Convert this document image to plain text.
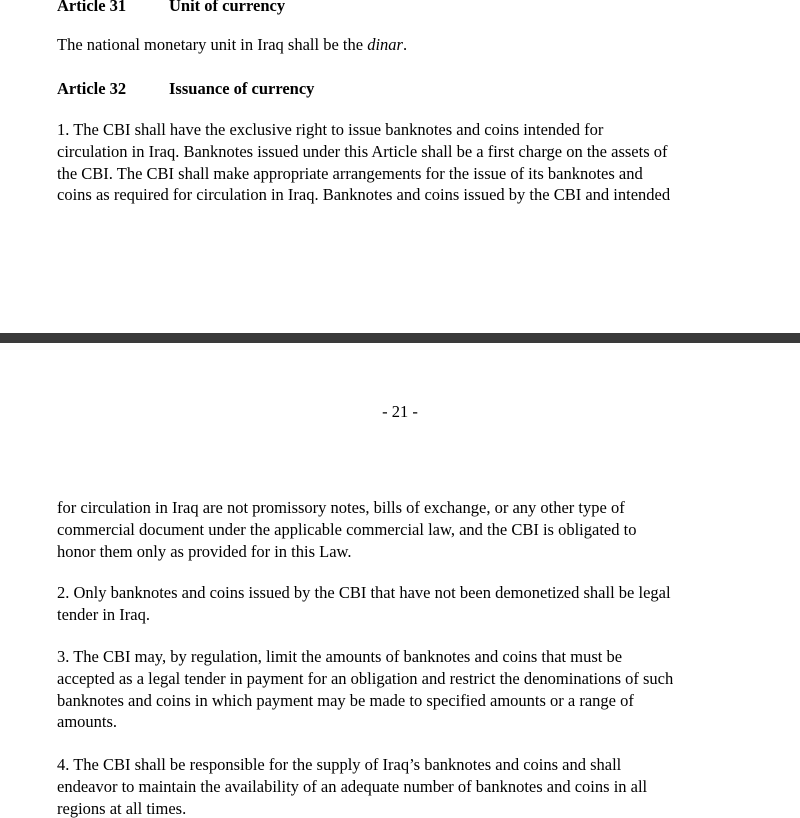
Article 31	Unit of currency

The national monetary unit in Iraq shall be the dinar.

Article 32	Issuance of currency

1. The CBI shall have the exclusive right to issue banknotes and coins intended for
circulation in Iraq. Banknotes issued under this Article shall be a first charge on the assets of
the CBI. The CBI shall make appropriate arrangements for the issue of its banknotes and
coins as required for circulation in Iraq. Banknotes and coins issued by the CBI and intended

- 21 -

for circulation in Iraq are not promissory notes, bills of exchange, or any other type of
commercial document under the applicable commercial law, and the CBI is obligated to
honor them only as provided for in this Law.

2. Only banknotes and coins issued by the CBI that have not been demonetized shall be legal
tender in Iraq.

3. The CBI may, by regulation, limit the amounts of banknotes and coins that must be
accepted as a legal tender in payment for an obligation and restrict the denominations of such
banknotes and coins in which payment may be made to specified amounts or a range of
amounts.

4. The CBI shall be responsible for the supply of Iraq’s banknotes and coins and shall
endeavor to maintain the availability of an adequate number of banknotes and coins in all
regions at all times.
